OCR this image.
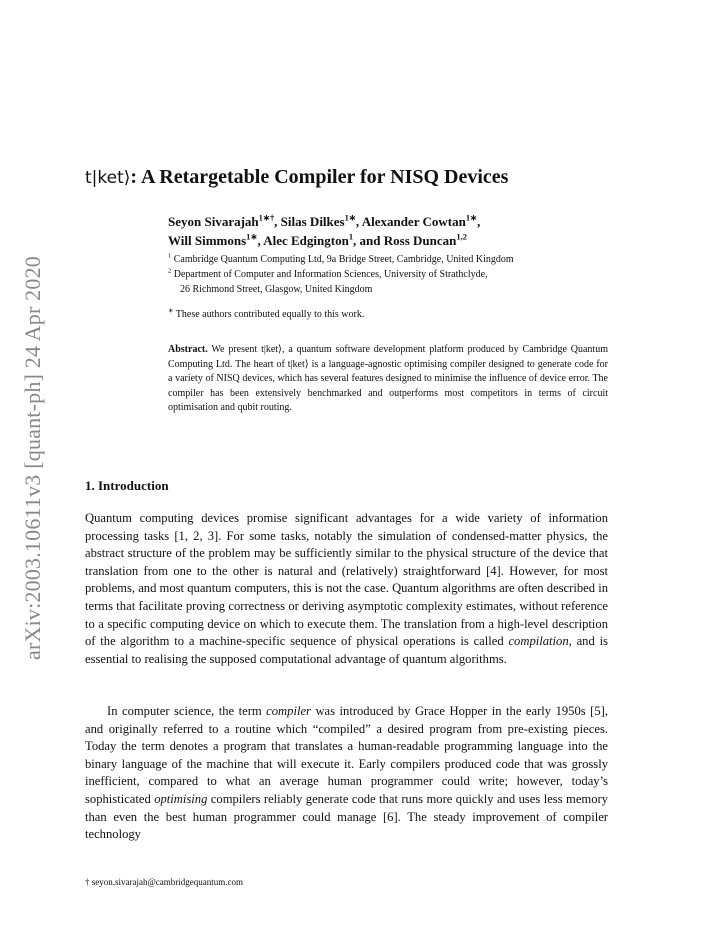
arXiv:2003.10611v3 [quant-ph] 24 Apr 2020
t|ket⟩: A Retargetable Compiler for NISQ Devices
Seyon Sivarajah$^{1∗\dagger}$, Silas Dilkes$^{1∗}$, Alexander Cowtan$^{1∗}$,
Will Simmons$^{1∗}$, Alec Edgington$^1$, and Ross Duncan$^{1,2}$
$^1$ Cambridge Quantum Computing Ltd, 9a Bridge Street, Cambridge, United Kingdom
$^2$ Department of Computer and Information Sciences, University of Strathclyde,
26 Richmond Street, Glasgow, United Kingdom
∗ These authors contributed equally to this work.
Abstract. We present t|ket⟩, a quantum software development platform produced by Cambridge Quantum Computing Ltd. The heart of t|ket⟩ is a language-agnostic optimising compiler designed to generate code for a variety of NISQ devices, which has several features designed to minimise the influence of device error. The compiler has been extensively benchmarked and outperforms most competitors in terms of circuit optimisation and qubit routing.
1. Introduction
Quantum computing devices promise significant advantages for a wide variety of information processing tasks [1, 2, 3]. For some tasks, notably the simulation of condensed-matter physics, the abstract structure of the problem may be sufficiently similar to the physical structure of the device that translation from one to the other is natural and (relatively) straightforward [4]. However, for most problems, and most quantum computers, this is not the case. Quantum algorithms are often described in terms that facilitate proving correctness or deriving asymptotic complexity estimates, without reference to a specific computing device on which to execute them. The translation from a high-level description of the algorithm to a machine-specific sequence of physical operations is called compilation, and is essential to realising the supposed computational advantage of quantum algorithms.
In computer science, the term compiler was introduced by Grace Hopper in the early 1950s [5], and originally referred to a routine which “compiled” a desired program from pre-existing pieces. Today the term denotes a program that translates a human-readable programming language into the binary language of the machine that will execute it. Early compilers produced code that was grossly inefficient, compared to what an average human programmer could write; however, today’s sophisticated optimising compilers reliably generate code that runs more quickly and uses less memory than even the best human programmer could manage [6]. The steady improvement of compiler technology
† seyon.sivarajah@cambridgequantum.com
